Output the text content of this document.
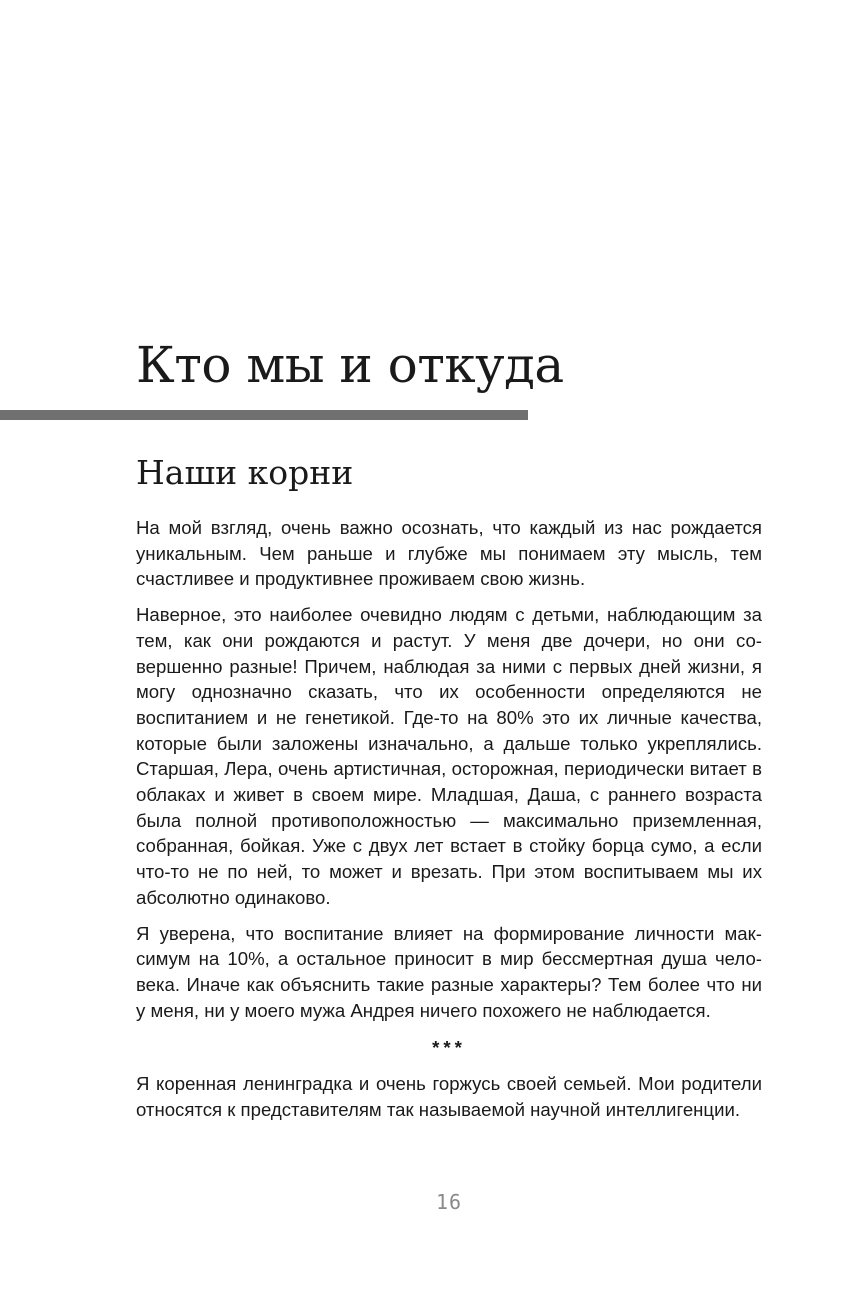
Кто мы и откуда
Наши корни

На мой взгляд, очень важно осознать, что каждый из нас рождается уникальным. Чем раньше и глубже мы понимаем эту мысль, тем счастливее и продуктивнее проживаем свою жизнь.

Наверное, это наиболее очевидно людям с детьми, наблюдающим за тем, как они рождаются и растут. У меня две дочери, но они совершенно разные! Причем, наблюдая за ними с первых дней жизни, я могу однозначно сказать, что их особенности определяются не воспитанием и не генетикой. Где-то на 80% это их личные качества, которые были заложены изначально, а дальше только укреплялись. Старшая, Лера, очень артистичная, осторожная, периодически витает в облаках и живет в своем мире. Младшая, Даша, с раннего возраста была полной противоположностью — максимально приземленная, собранная, бойкая. Уже с двух лет встает в стойку борца сумо, а если что-то не по ней, то может и врезать. При этом воспитываем мы их абсолютно одинаково.

Я уверена, что воспитание влияет на формирование личности максимум на 10%, а остальное приносит в мир бессмертная душа человека. Иначе как объяснить такие разные характеры? Тем более что ни у меня, ни у моего мужа Андрея ничего похожего не наблюдается.

***

Я коренная ленинградка и очень горжусь своей семьей. Мои родители относятся к представителям так называемой научной интеллигенции.

16
